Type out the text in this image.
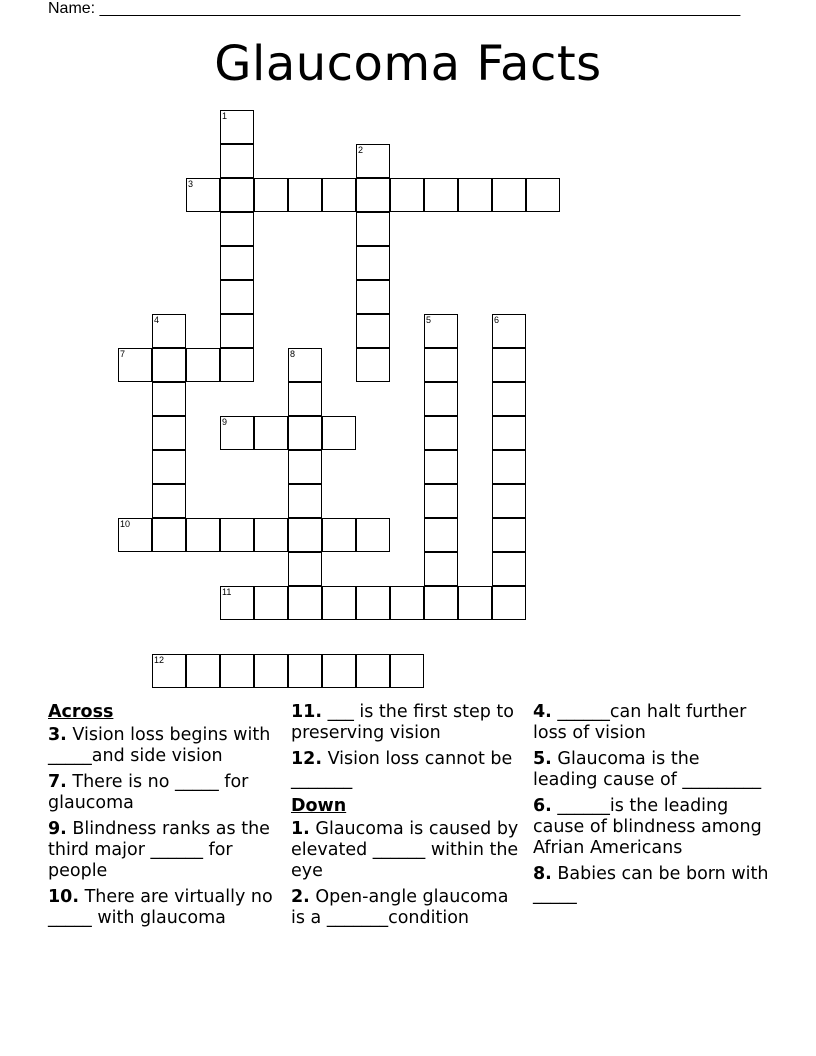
Name: ________________________________________________________________________
Glaucoma Facts
1
2
3
4	5	6
7	8
9
10
11
12
Across
3. Vision loss begins with _____and side vision
7. There is no _____ for glaucoma
9. Blindness ranks as the third major ______ for people
10. There are virtually no _____ with glaucoma
11. ___ is the first step to preserving vision
12. Vision loss cannot be _______
Down
1. Glaucoma is caused by elevated ______ within the eye
2. Open-angle glaucoma is a _______condition
4. ______can halt further loss of vision
5. Glaucoma is the leading cause of _________
6. ______is the leading cause of blindness among Afrian Americans
8. Babies can be born with _____
